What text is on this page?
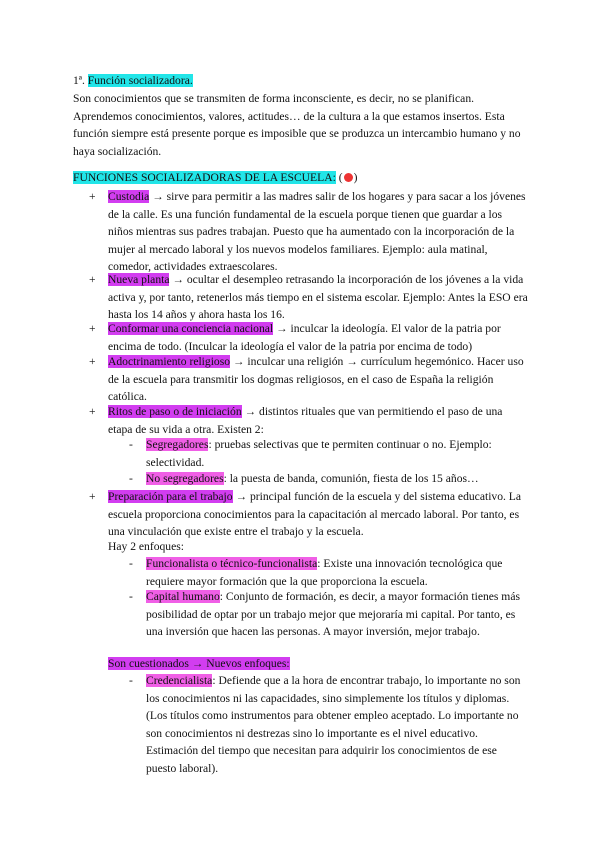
1ª. Función socializadora.

Son conocimientos que se transmiten de forma inconsciente, es decir, no se planifican. Aprendemos conocimientos, valores, actitudes… de la cultura a la que estamos insertos. Esta función siempre está presente porque es imposible que se produzca un intercambio humano y no haya socialización.

FUNCIONES SOCIALIZADORAS DE LA ESCUELA: ( )

+ Custodia → sirve para permitir a las madres salir de los hogares y para sacar a los jóvenes de la calle. Es una función fundamental de la escuela porque tienen que guardar a los niños mientras sus padres trabajan. Puesto que ha aumentado con la incorporación de la mujer al mercado laboral y los nuevos modelos familiares. Ejemplo: aula matinal, comedor, actividades extraescolares.

+ Nueva planta → ocultar el desempleo retrasando la incorporación de los jóvenes a la vida activa y, por tanto, retenerlos más tiempo en el sistema escolar. Ejemplo: Antes la ESO era hasta los 14 años y ahora hasta los 16.

+ Conformar una conciencia nacional → inculcar la ideología. El valor de la patria por encima de todo. (Inculcar la ideología el valor de la patria por encima de todo)

+ Adoctrinamiento religioso → inculcar una religión → currículum hegemónico. Hacer uso de la escuela para transmitir los dogmas religiosos, en el caso de España la religión católica.

+ Ritos de paso o de iniciación → distintos rituales que van permitiendo el paso de una etapa de su vida a otra. Existen 2:

- Segregadores: pruebas selectivas que te permiten continuar o no. Ejemplo: selectividad.

- No segregadores: la puesta de banda, comunión, fiesta de los 15 años…

+ Preparación para el trabajo → principal función de la escuela y del sistema educativo. La escuela proporciona conocimientos para la capacitación al mercado laboral. Por tanto, es una vinculación que existe entre el trabajo y la escuela.

Hay 2 enfoques:

- Funcionalista o técnico-funcionalista: Existe una innovación tecnológica que requiere mayor formación que la que proporciona la escuela.

- Capital humano: Conjunto de formación, es decir, a mayor formación tienes más posibilidad de optar por un trabajo mejor que mejoraría mi capital. Por tanto, es una inversión que hacen las personas. A mayor inversión, mejor trabajo.

Son cuestionados → Nuevos enfoques:

- Credencialista: Defiende que a la hora de encontrar trabajo, lo importante no son los conocimientos ni las capacidades, sino simplemente los títulos y diplomas. (Los títulos como instrumentos para obtener empleo aceptado. Lo importante no son conocimientos ni destrezas sino lo importante es el nivel educativo. Estimación del tiempo que necesitan para adquirir los conocimientos de ese puesto laboral).
